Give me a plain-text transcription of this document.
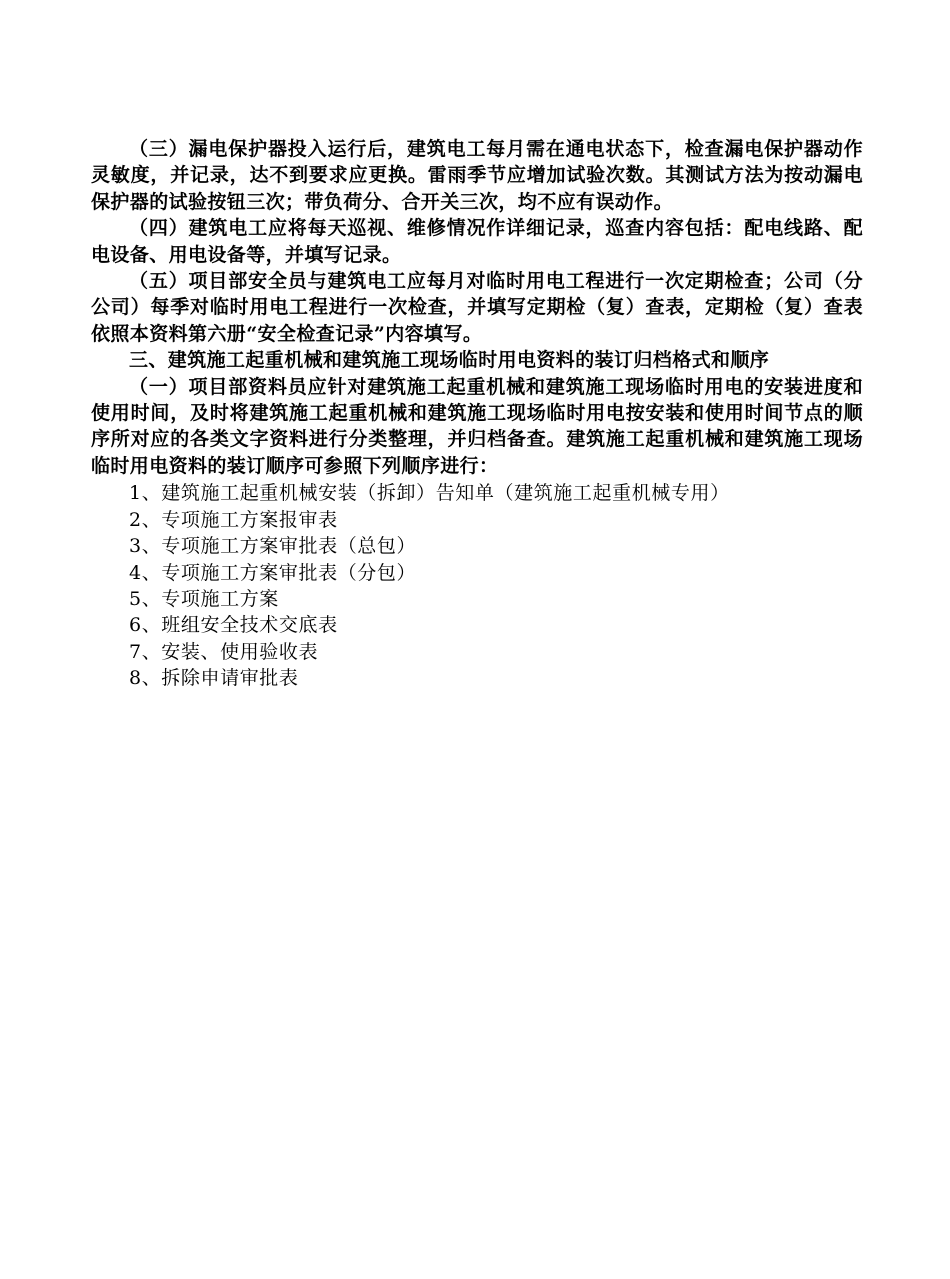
（三）漏电保护器投入运行后，建筑电工每月需在通电状态下，检查漏电保护器动作灵敏度，并记录，达不到要求应更换。雷雨季节应增加试验次数。其测试方法为按动漏电保护器的试验按钮三次；带负荷分、合开关三次，均不应有误动作。

（四）建筑电工应将每天巡视、维修情况作详细记录，巡查内容包括：配电线路、配电设备、用电设备等，并填写记录。

（五）项目部安全员与建筑电工应每月对临时用电工程进行一次定期检查；公司（分公司）每季对临时用电工程进行一次检查，并填写定期检（复）查表，定期检（复）查表依照本资料第六册“安全检查记录”内容填写。

三、建筑施工起重机械和建筑施工现场临时用电资料的装订归档格式和顺序

（一）项目部资料员应针对建筑施工起重机械和建筑施工现场临时用电的安装进度和使用时间，及时将建筑施工起重机械和建筑施工现场临时用电按安装和使用时间节点的顺序所对应的各类文字资料进行分类整理，并归档备查。建筑施工起重机械和建筑施工现场临时用电资料的装订顺序可参照下列顺序进行：

1、建筑施工起重机械安装（拆卸）告知单（建筑施工起重机械专用）
2、专项施工方案报审表
3、专项施工方案审批表（总包）
4、专项施工方案审批表（分包）
5、专项施工方案
6、班组安全技术交底表
7、安装、使用验收表
8、拆除申请审批表
